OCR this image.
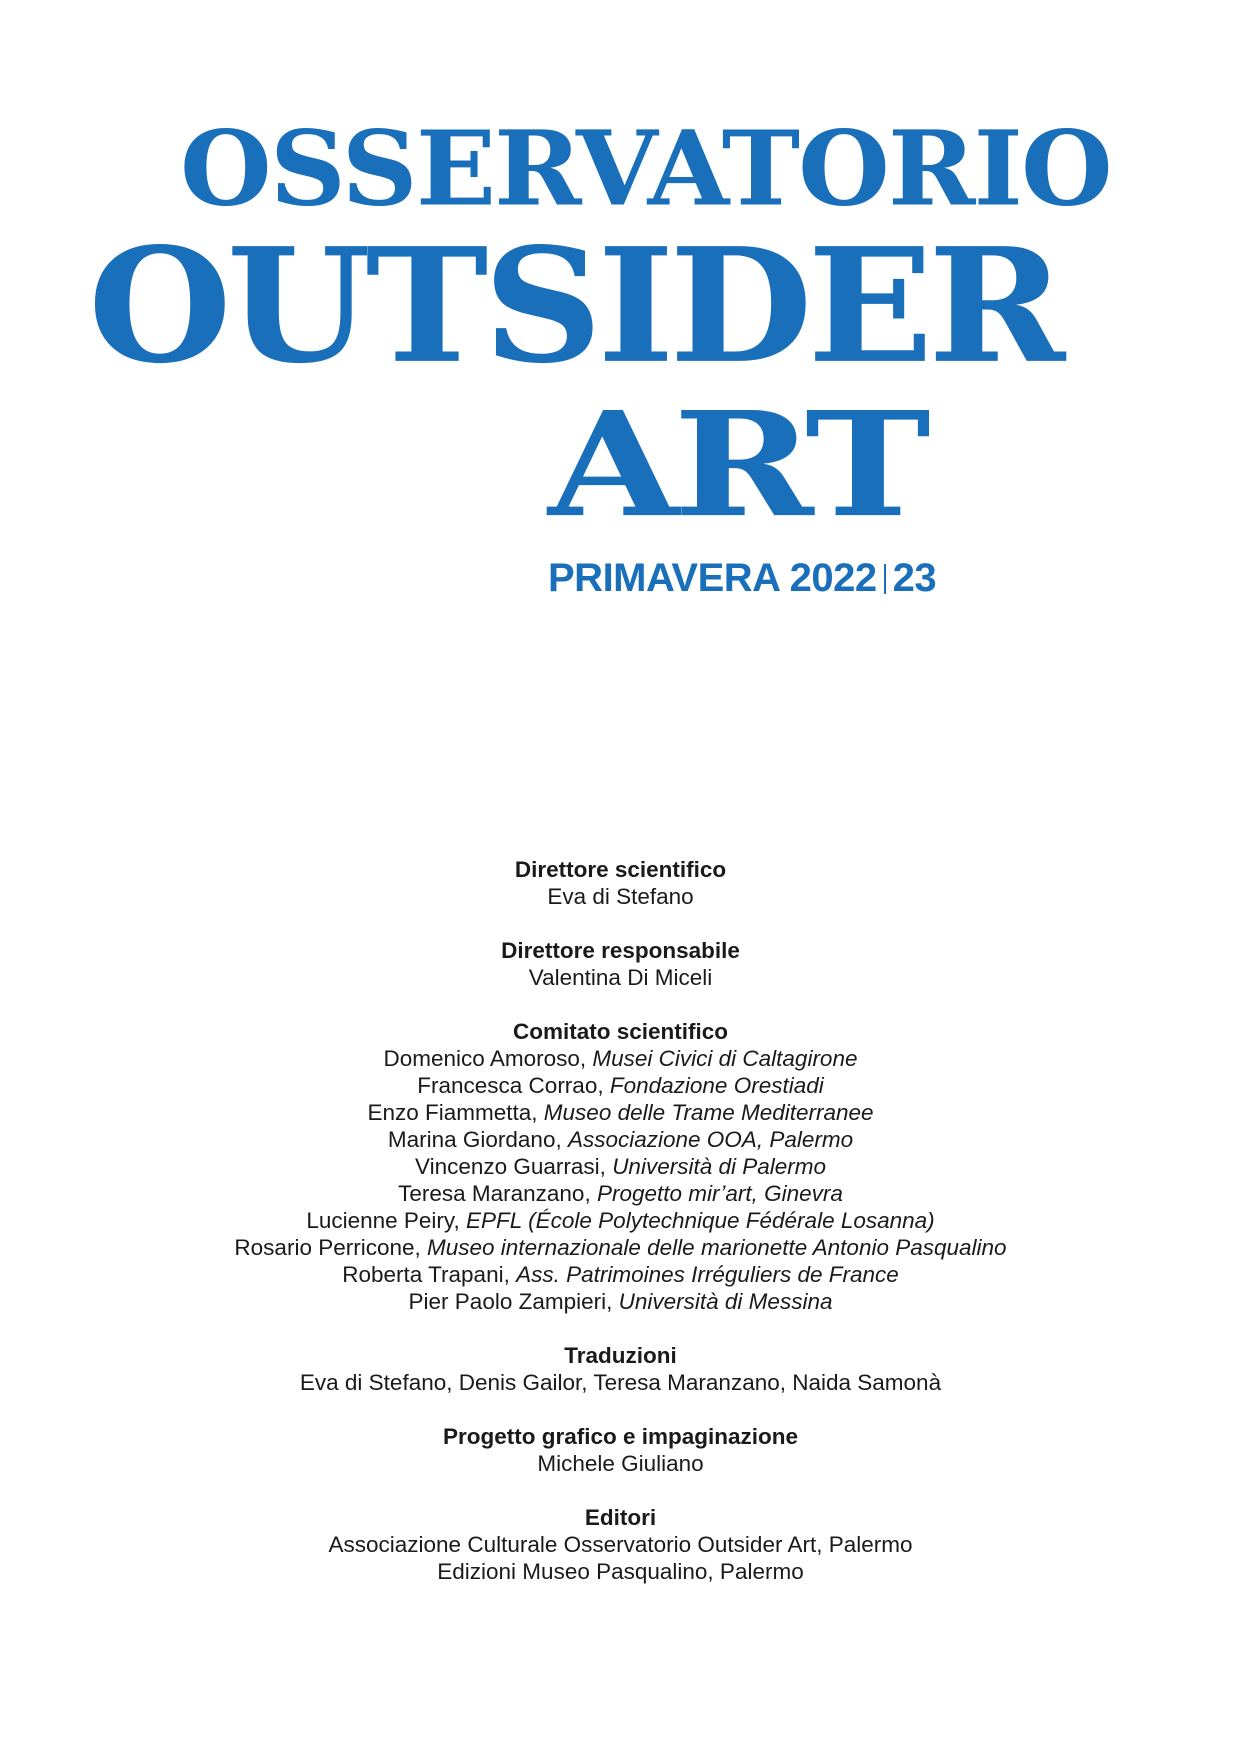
OSSERVATORIO
OUTSIDER
ART
PRIMAVERA 2022 23
Direttore scientifico
Eva di Stefano
Direttore responsabile
Valentina Di Miceli
Comitato scientifico
Domenico Amoroso, Musei Civici di Caltagirone
Francesca Corrao, Fondazione Orestiadi
Enzo Fiammetta, Museo delle Trame Mediterranee
Marina Giordano, Associazione OOA, Palermo
Vincenzo Guarrasi, Università di Palermo
Teresa Maranzano, Progetto mir’art, Ginevra
Lucienne Peiry, EPFL (École Polytechnique Fédérale Losanna)
Rosario Perricone, Museo internazionale delle marionette Antonio Pasqualino
Roberta Trapani, Ass. Patrimoines Irréguliers de France
Pier Paolo Zampieri, Università di Messina
Traduzioni
Eva di Stefano, Denis Gailor, Teresa Maranzano, Naida Samonà
Progetto grafico e impaginazione
Michele Giuliano
Editori
Associazione Culturale Osservatorio Outsider Art, Palermo
Edizioni Museo Pasqualino, Palermo
